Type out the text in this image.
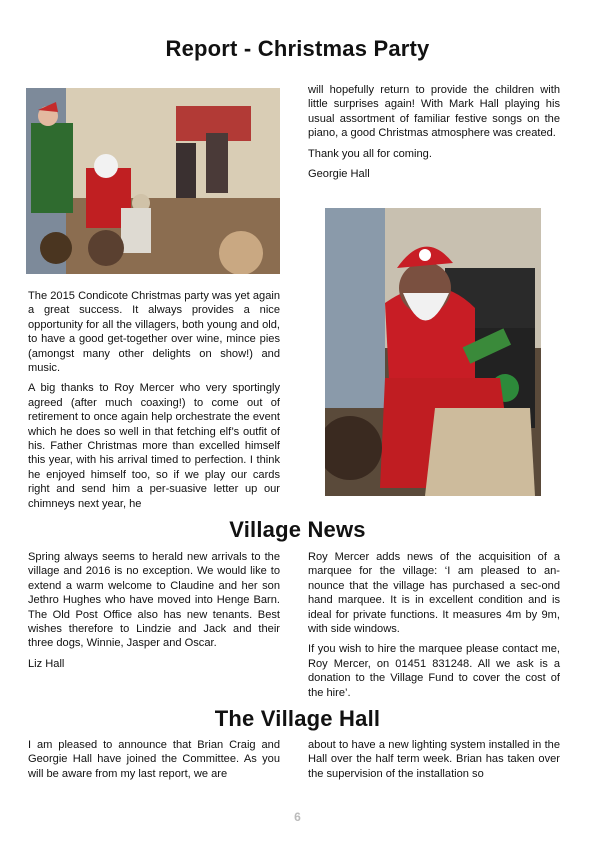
Report - Christmas Party

The 2015 Condicote Christmas party was yet again a great success. It always provides a nice opportunity for all the villagers, both young and old, to have a good get-together over wine, mince pies (amongst many other delights on show!) and music.

A big thanks to Roy Mercer who very sportingly agreed (after much coaxing!) to come out of retirement to once again help orchestrate the event which he does so well in that fetching elf’s outfit of his. Father Christmas more than excelled himself this year, with his arrival timed to perfection. I think he enjoyed himself too, so if we play our cards right and send him a per-suasive letter up our chimneys next year, he

will hopefully return to provide the children with little surprises again! With Mark Hall playing his usual assortment of familiar festive songs on the piano, a good Christmas atmosphere was created.

Thank you all for coming.

Georgie Hall

Village News

Spring always seems to herald new arrivals to the village and 2016 is no exception. We would like to extend a warm welcome to Claudine and her son Jethro Hughes who have moved into Henge Barn. The Old Post Office also has new tenants. Best wishes therefore to Lindzie and Jack and their three dogs, Winnie, Jasper and Oscar.

Liz Hall

Roy Mercer adds news of the acquisition of a marquee for the village: ‘I am pleased to an-nounce that the village has purchased a sec-ond hand marquee. It is in excellent condition and is ideal for private functions. It measures 4m by 9m, with side windows.

If you wish to hire the marquee please contact me, Roy Mercer, on 01451 831248. All we ask is a donation to the Village Fund to cover the cost of the hire’.

The Village Hall

I am pleased to announce that Brian Craig and Georgie Hall have joined the Committee. As you will be aware from my last report, we are

about to have a new lighting system installed in the Hall over the half term week. Brian has taken over the supervision of the installation so

6
